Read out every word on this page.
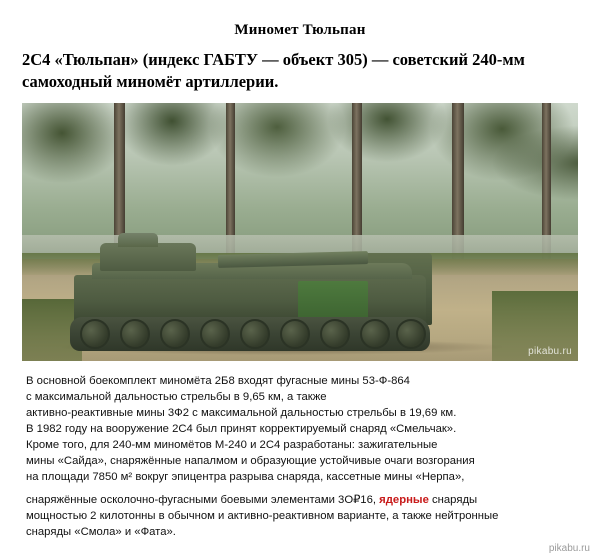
Миномет Тюльпан
2С4 «Тюльпан» (индекс ГАБТУ — объект 305) — советский 240-мм самоходный миномёт артиллерии.
pikabu.ru

В основной боекомплект миномёта 2Б8 входят фугасные мины 53-Ф-864

с максимальной дальностью стрельбы в 9,65 км, а также

активно-реактивные мины 3Ф2 с максимальной дальностью стрельбы в 19,69 км.

В 1982 году на вооружение 2С4 был принят корректируемый снаряд «Смельчак».

Кроме того, для 240-мм миномётов М-240 и 2С4 разработаны: зажигательные

мины «Сайда», снаряжённые напалмом и образующие устойчивые очаги возгорания

на площади 7850 м² вокруг эпицентра разрыва снаряда, кассетные мины «Нерпа»,

снаряжённые осколочно-фугасными боевыми элементами 3О₽16, ядерные снаряды

мощностью 2 килотонны в обычном и активно-реактивном варианте, а также нейтронные

снаряды «Смола» и «Фата».

pikabu.ru
